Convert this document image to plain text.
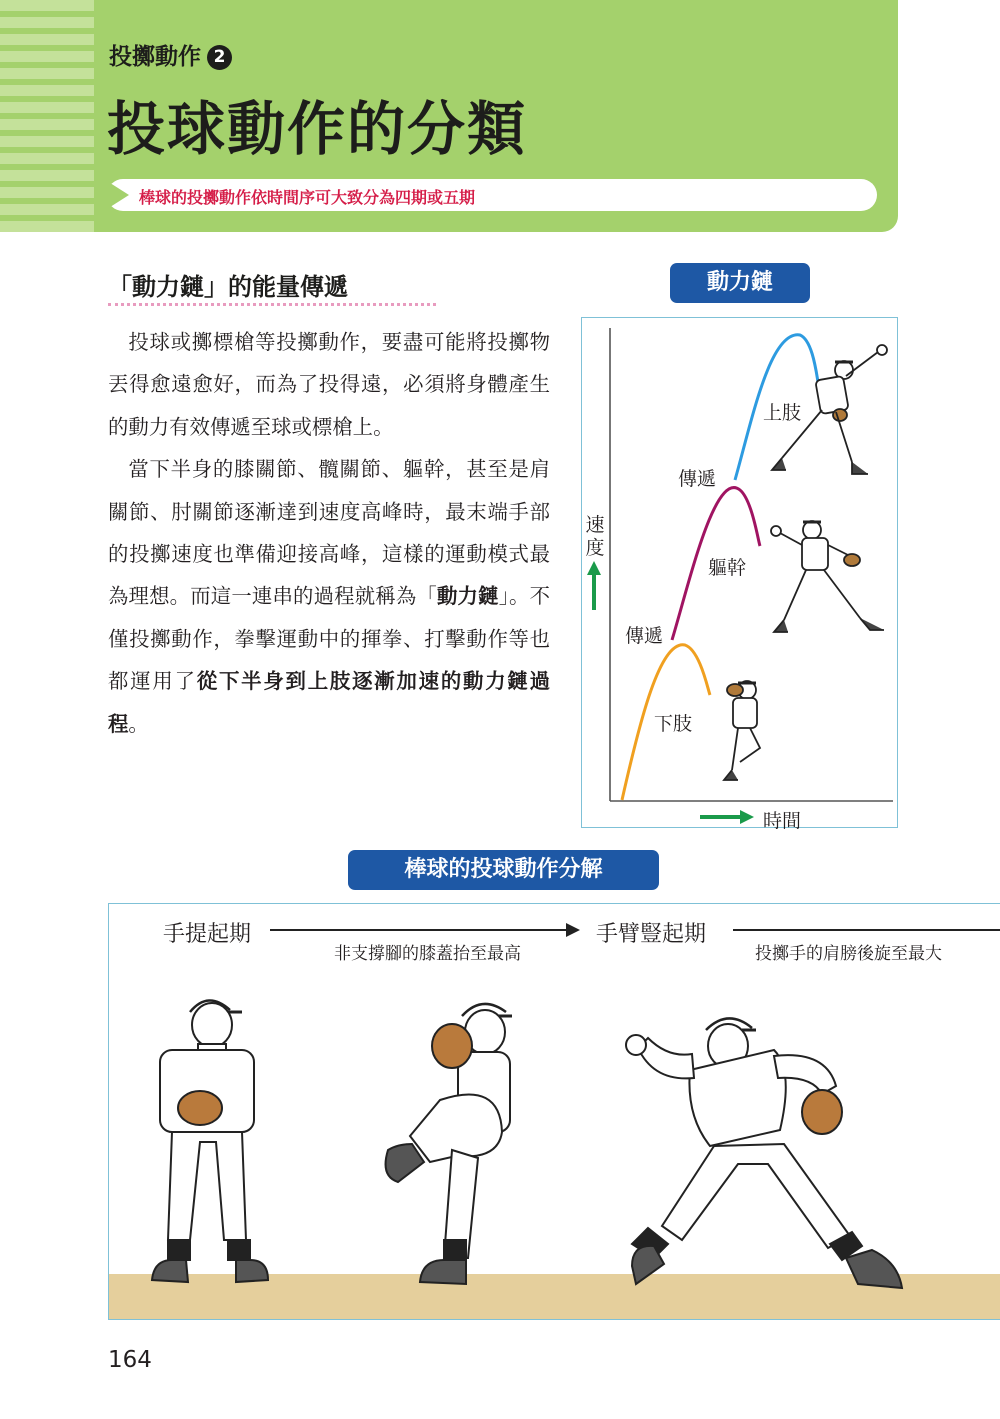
投擲動作 2
投球動作的分類
棒球的投擲動作依時間序可大致分為四期或五期
「動力鏈」的能量傳遞

投球或擲標槍等投擲動作，要盡可能將投擲物丟得愈遠愈好，而為了投得遠，必須將身體產生的動力有效傳遞至球或標槍上。

當下半身的膝關節、髖關節、軀幹，甚至是肩關節、肘關節逐漸達到速度高峰時，最末端手部的投擲速度也準備迎接高峰，這樣的運動模式最為理想。而這一連串的過程就稱為「動力鏈」。不僅投擲動作，拳擊運動中的揮拳、打擊動作等也都運用了從下半身到上肢逐漸加速的動力鏈過程。

動力鏈
速度
時間
下肢
軀幹
上肢
傳遞
傳遞
棒球的投球動作分解
手提起期
非支撐腳的膝蓋抬至最高
手臂豎起期
投擲手的肩膀後旋至最大
164
